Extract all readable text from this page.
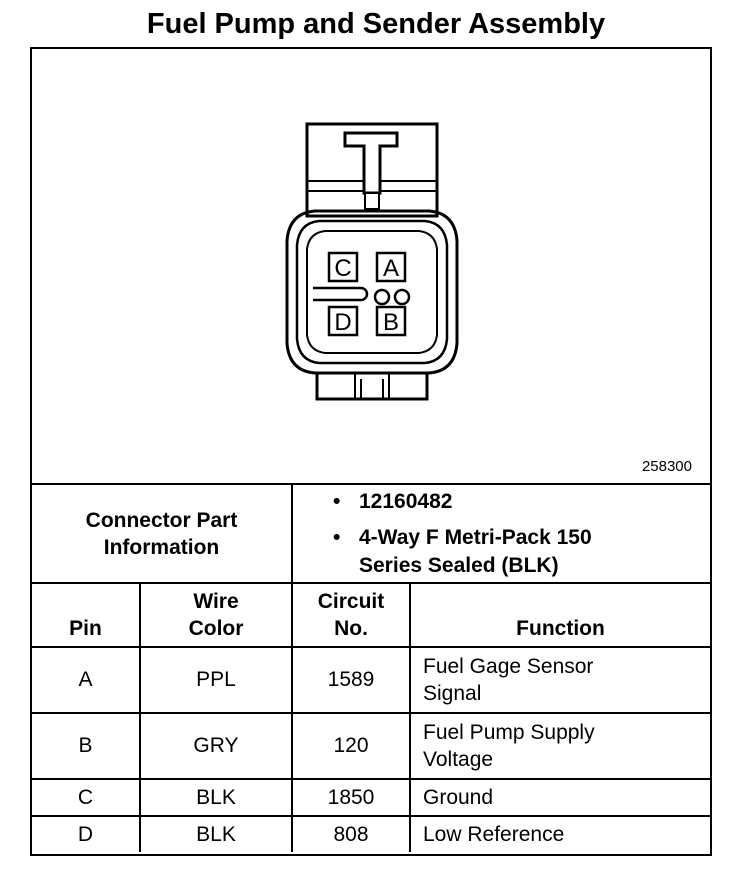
Fuel Pump and Sender Assembly
C A
D B
258300
Connector Part Information		• 12160482
• 4-Way F Metri-Pack 150 Series Sealed (BLK)	

Pin	Wire Color	Circuit No.	Function
A	PPL	1589	Fuel Gage Sensor Signal

B	GRY	120	Fuel Pump Supply Voltage

C	BLK	1850	Ground
D	BLK	808	Low Reference
